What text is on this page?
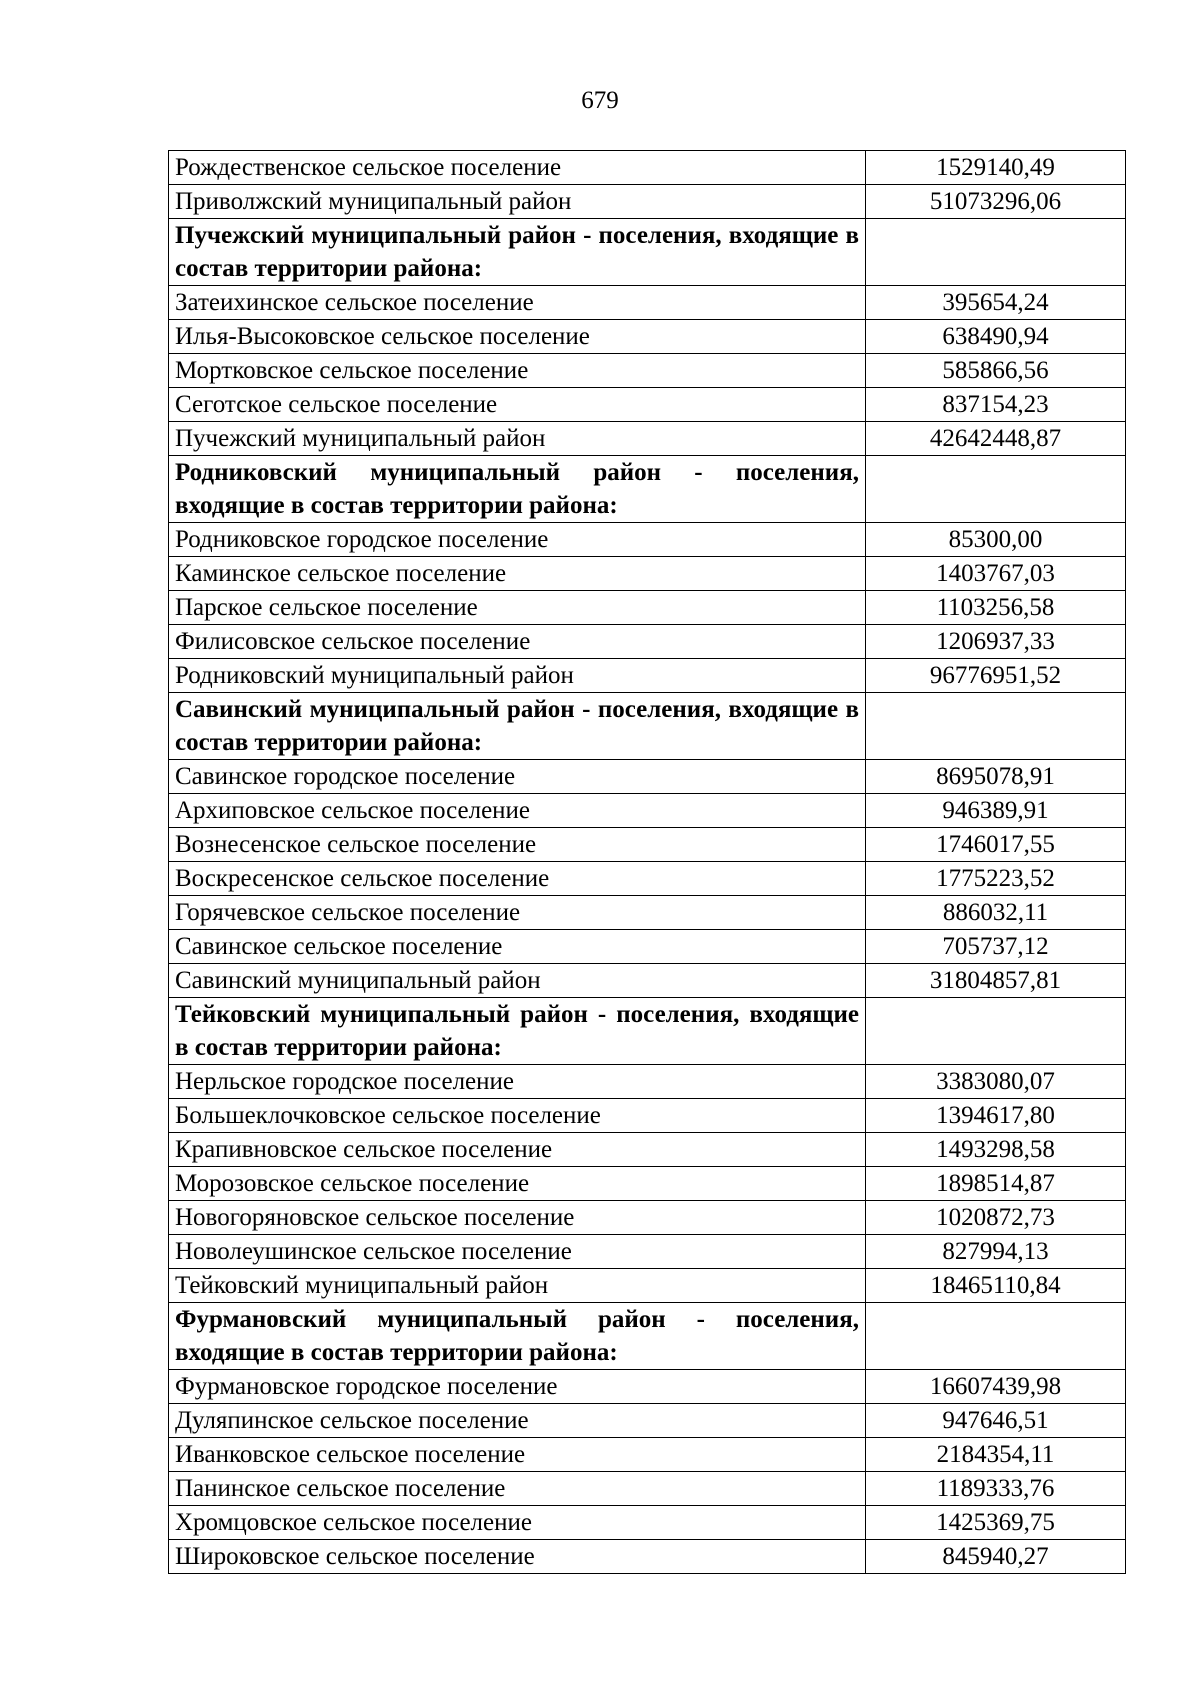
679
Рождественское сельское поселение	1529140,49
Приволжский муниципальный район	51073296,06
Пучежский муниципальный район - поселения, входящие в состав территории района:	
Затеихинское сельское поселение	395654,24
Илья-Высоковское сельское поселение	638490,94
Мортковское сельское поселение	585866,56
Сеготское сельское поселение	837154,23
Пучежский муниципальный район	42642448,87
Родниковский муниципальный район - поселения, входящие в состав территории района:	
Родниковское городское поселение	85300,00
Каминское сельское поселение	1403767,03
Парское сельское поселение	1103256,58
Филисовское сельское поселение	1206937,33
Родниковский муниципальный район	96776951,52
Савинский муниципальный район - поселения, входящие в состав территории района:	
Савинское городское поселение	8695078,91
Архиповское сельское поселение	946389,91
Вознесенское сельское поселение	1746017,55
Воскресенское сельское поселение	1775223,52
Горячевское сельское поселение	886032,11
Савинское сельское поселение	705737,12
Савинский муниципальный район	31804857,81
Тейковский муниципальный район - поселения, входящие в состав территории района:	
Нерльское городское поселение	3383080,07
Большеклочковское сельское поселение	1394617,80
Крапивновское сельское поселение	1493298,58
Морозовское сельское поселение	1898514,87
Новогоряновское сельское поселение	1020872,73
Новолеушинское сельское поселение	827994,13
Тейковский муниципальный район	18465110,84
Фурмановский муниципальный район - поселения, входящие в состав территории района:	
Фурмановское городское поселение	16607439,98
Дуляпинское сельское поселение	947646,51
Иванковское сельское поселение	2184354,11
Панинское сельское поселение	1189333,76
Хромцовское сельское поселение	1425369,75
Широковское сельское поселение	845940,27
